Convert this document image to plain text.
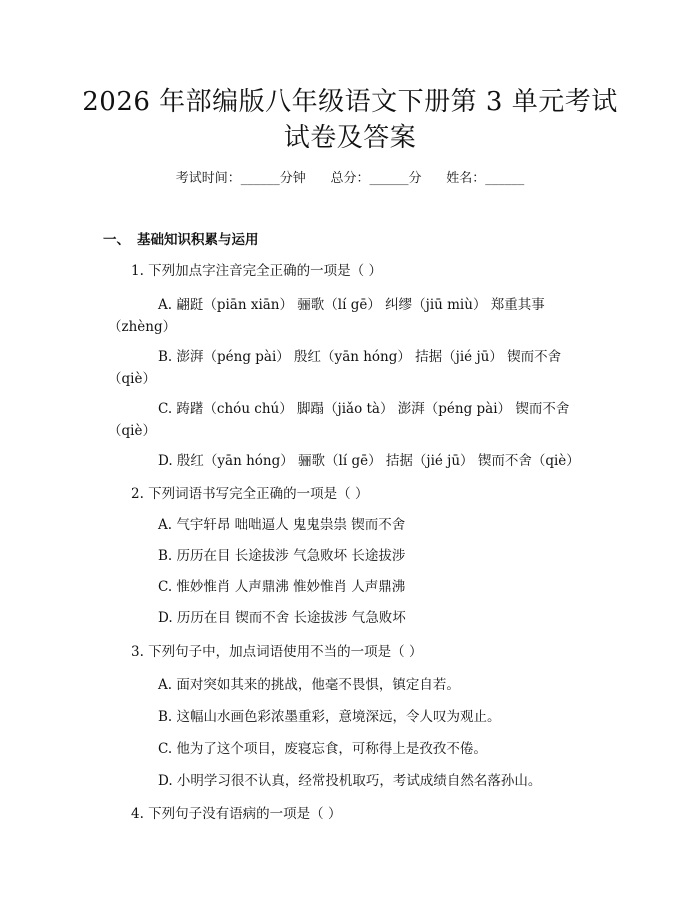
2026 年部编版八年级语文下册第 3 单元考试
试卷及答案
考试时间：______分钟      总分：______分      姓名：______
一、 基础知识积累与运用
1. 下列加点字注音完全正确的一项是（ ）
A. 翩跹（piān xiān） 骊歌（lí gē） 纠缪（jiū miù） 郑重其事
（zhèng）
B. 澎湃（péng pài） 殷红（yān hóng） 拮据（jié jū） 锲而不舍
（qiè）
C. 踌躇（chóu chú） 脚蹋（jiǎo tà） 澎湃（péng pài） 锲而不舍
（qiè）
D. 殷红（yān hóng） 骊歌（lí gē） 拮据（jié jū） 锲而不舍（qiè）
2. 下列词语书写完全正确的一项是（ ）
A. 气宇轩昂 咄咄逼人 鬼鬼祟祟 锲而不舍
B. 历历在目 长途拔涉 气急败坏 长途拔涉
C. 惟妙惟肖 人声鼎沸 惟妙惟肖 人声鼎沸
D. 历历在目 锲而不舍 长途拔涉 气急败坏
3. 下列句子中，加点词语使用不当的一项是（ ）
A. 面对突如其来的挑战，他毫不畏惧，镇定自若。
B. 这幅山水画色彩浓墨重彩，意境深远，令人叹为观止。
C. 他为了这个项目，废寝忘食，可称得上是孜孜不倦。
D. 小明学习很不认真，经常投机取巧，考试成绩自然名落孙山。
4. 下列句子没有语病的一项是（ ）
